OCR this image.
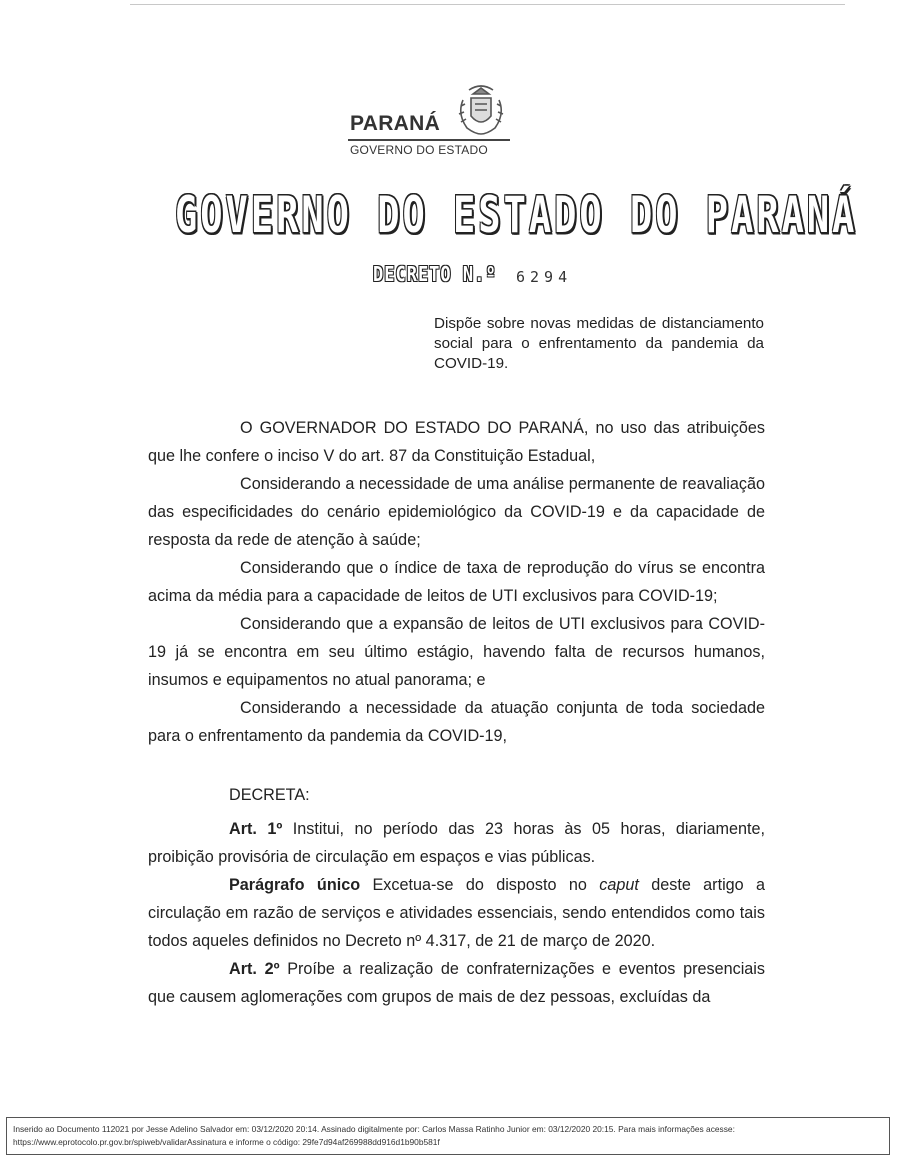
PARANÁ
GOVERNO DO ESTADO
GOVERNO DO ESTADO DO PARANÁ
DECRETO N.º 6294
Dispõe sobre novas medidas de distanciamento social para o enfrentamento da pandemia da COVID-19.

O GOVERNADOR DO ESTADO DO PARANÁ, no uso das atribuições que lhe confere o inciso V do art. 87 da Constituição Estadual,

Considerando a necessidade de uma análise permanente de reavaliação das especificidades do cenário epidemiológico da COVID-19 e da capacidade de resposta da rede de atenção à saúde;

Considerando que o índice de taxa de reprodução do vírus se encontra acima da média para a capacidade de leitos de UTI exclusivos para COVID-19;

Considerando que a expansão de leitos de UTI exclusivos para COVID-19 já se encontra em seu último estágio, havendo falta de recursos humanos, insumos e equipamentos no atual panorama; e

Considerando a necessidade da atuação conjunta de toda sociedade para o enfrentamento da pandemia da COVID-19,

DECRETA:

Art. 1º Institui, no período das 23 horas às 05 horas, diariamente, proibição provisória de circulação em espaços e vias públicas.

Parágrafo único Excetua-se do disposto no caput deste artigo a circulação em razão de serviços e atividades essenciais, sendo entendidos como tais todos aqueles definidos no Decreto nº 4.317, de 21 de março de 2020.

Art. 2º Proíbe a realização de confraternizações e eventos presenciais que causem aglomerações com grupos de mais de dez pessoas, excluídas da

Inserido ao Documento 112021 por Jesse Adelino Salvador em: 03/12/2020 20:14. Assinado digitalmente por: Carlos Massa Ratinho Junior em: 03/12/2020 20:15. Para mais informações acesse:
https://www.eprotocolo.pr.gov.br/spiweb/validarAssinatura e informe o código: 29fe7d94af269988dd916d1b90b581f
